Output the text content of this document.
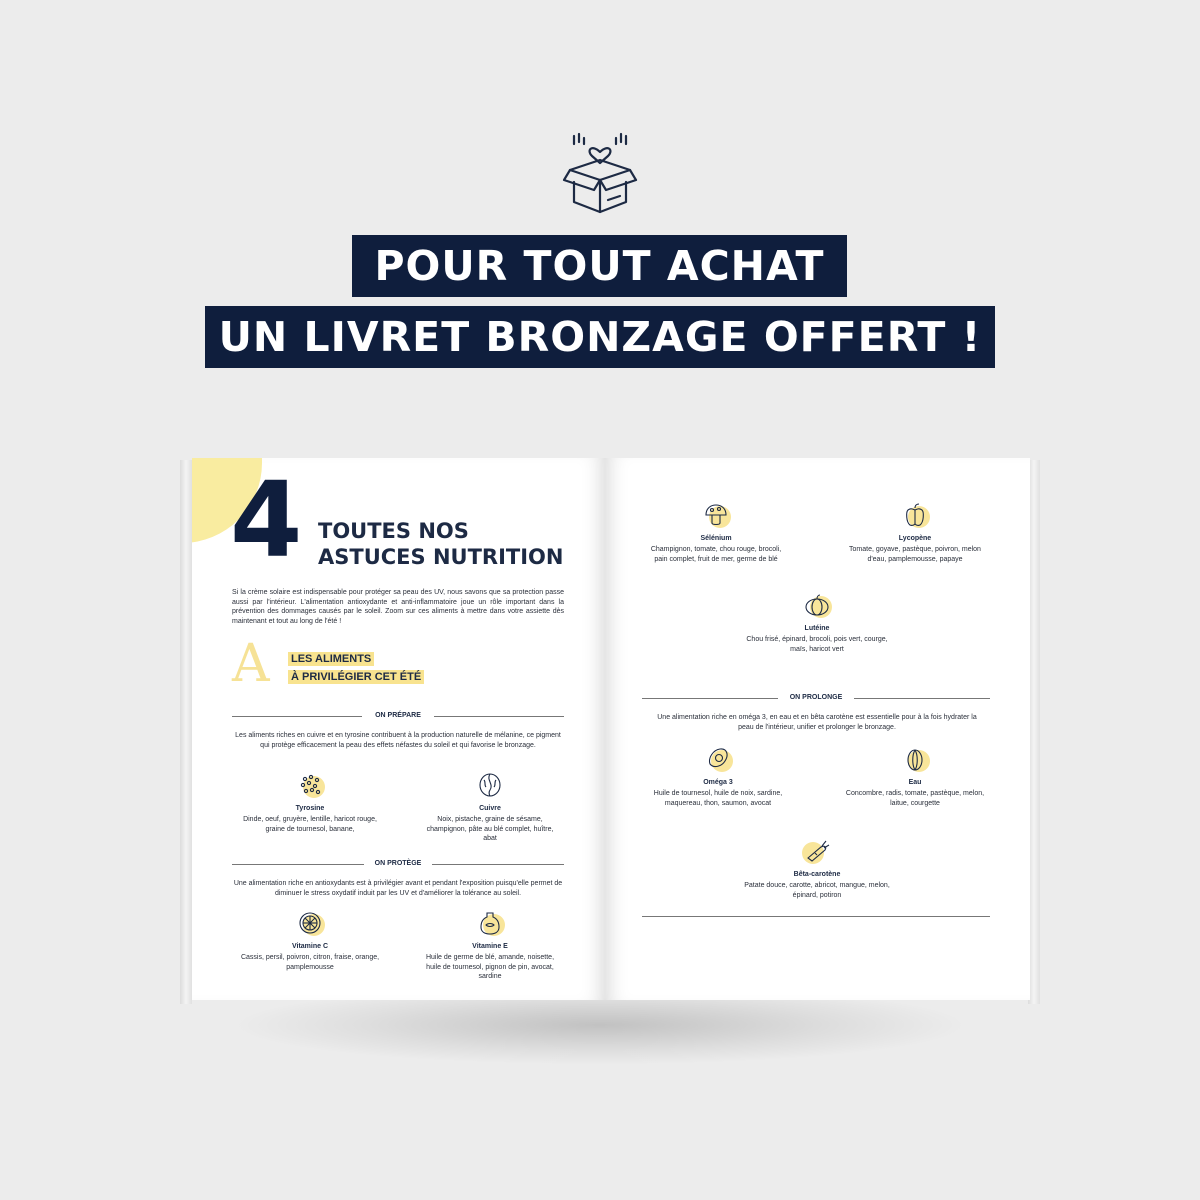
POUR TOUT ACHAT
UN LIVRET BRONZAGE OFFERT !
4 TOUTES NOS
ASTUCES NUTRITION
Si la crème solaire est indispensable pour protéger sa peau des UV, nous savons que sa protection passe aussi par l'intérieur. L'alimentation antioxydante et anti-inflammatoire joue un rôle important dans la prévention des dommages causés par le soleil. Zoom sur ces aliments à mettre dans votre assiette dès maintenant et tout au long de l'été !
A LES ALIMENTS
À PRIVILÉGIER CET ÉTÉ
ON PRÉPARE
Les aliments riches en cuivre et en tyrosine contribuent à la production naturelle de mélanine, ce pigment qui protège efficacement la peau des effets néfastes du soleil et qui favorise le bronzage.
Tyrosine
Dinde, oeuf, gruyère, lentille, haricot rouge, graine de tournesol, banane,
Cuivre
Noix, pistache, graine de sésame, champignon, pâte au blé complet, huître, abat
ON PROTÈGE
Une alimentation riche en antioxydants est à privilégier avant et pendant l'exposition puisqu'elle permet de diminuer le stress oxydatif induit par les UV et d'améliorer la tolérance au soleil.
Vitamine C
Cassis, persil, poivron, citron, fraise, orange, pamplemousse
Vitamine E
Huile de germe de blé, amande, noisette, huile de tournesol, pignon de pin, avocat, sardine
Sélénium
Champignon, tomate, chou rouge, brocoli, pain complet, fruit de mer, germe de blé
Lycopène
Tomate, goyave, pastèque, poivron, melon d'eau, pamplemousse, papaye
Lutéine
Chou frisé, épinard, brocoli, pois vert, courge, maïs, haricot vert
ON PROLONGE
Une alimentation riche en oméga 3, en eau et en bêta carotène est essentielle pour à la fois hydrater la peau de l'intérieur, unifier et prolonger le bronzage.
Oméga 3
Huile de tournesol, huile de noix, sardine, maquereau, thon, saumon, avocat
Eau
Concombre, radis, tomate, pastèque, melon, laitue, courgette
Bêta-carotène
Patate douce, carotte, abricot, mangue, melon, épinard, potiron
